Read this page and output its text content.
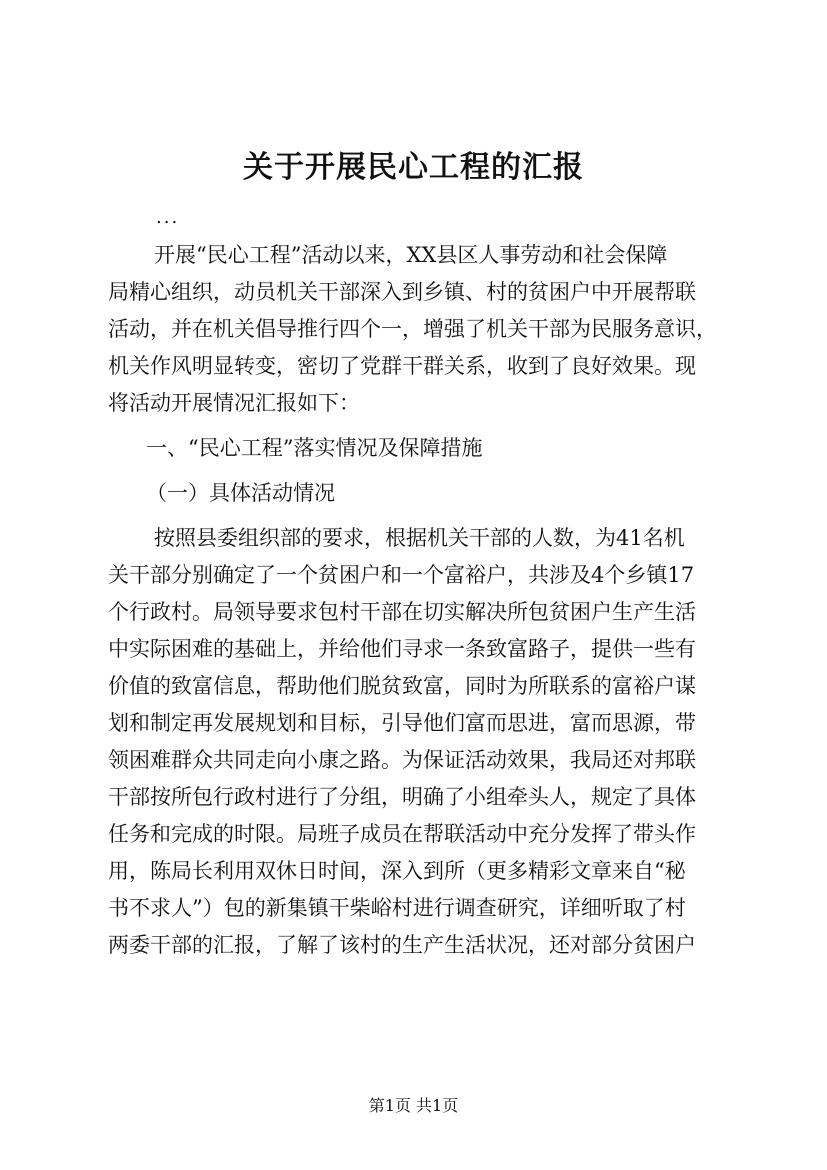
关于开展民心工程的汇报
...
开展“民心工程”活动以来，XX县区人事劳动和社会保障
局精心组织，动员机关干部深入到乡镇、村的贫困户中开展帮联
活动，并在机关倡导推行四个一，增强了机关干部为民服务意识，
机关作风明显转变，密切了党群干群关系，收到了良好效果。现
将活动开展情况汇报如下：
一、“民心工程”落实情况及保障措施
（一）具体活动情况
按照县委组织部的要求，根据机关干部的人数，为41名机
关干部分别确定了一个贫困户和一个富裕户，共涉及4个乡镇17
个行政村。局领导要求包村干部在切实解决所包贫困户生产生活
中实际困难的基础上，并给他们寻求一条致富路子，提供一些有
价值的致富信息，帮助他们脱贫致富，同时为所联系的富裕户谋
划和制定再发展规划和目标，引导他们富而思进，富而思源，带
领困难群众共同走向小康之路。为保证活动效果，我局还对邦联
干部按所包行政村进行了分组，明确了小组牵头人，规定了具体
任务和完成的时限。局班子成员在帮联活动中充分发挥了带头作
用，陈局长利用双休日时间，深入到所（更多精彩文章来自“秘
书不求人”）包的新集镇干柴峪村进行调查研究，详细听取了村
两委干部的汇报，了解了该村的生产生活状况，还对部分贫困户
第1页 共1页
